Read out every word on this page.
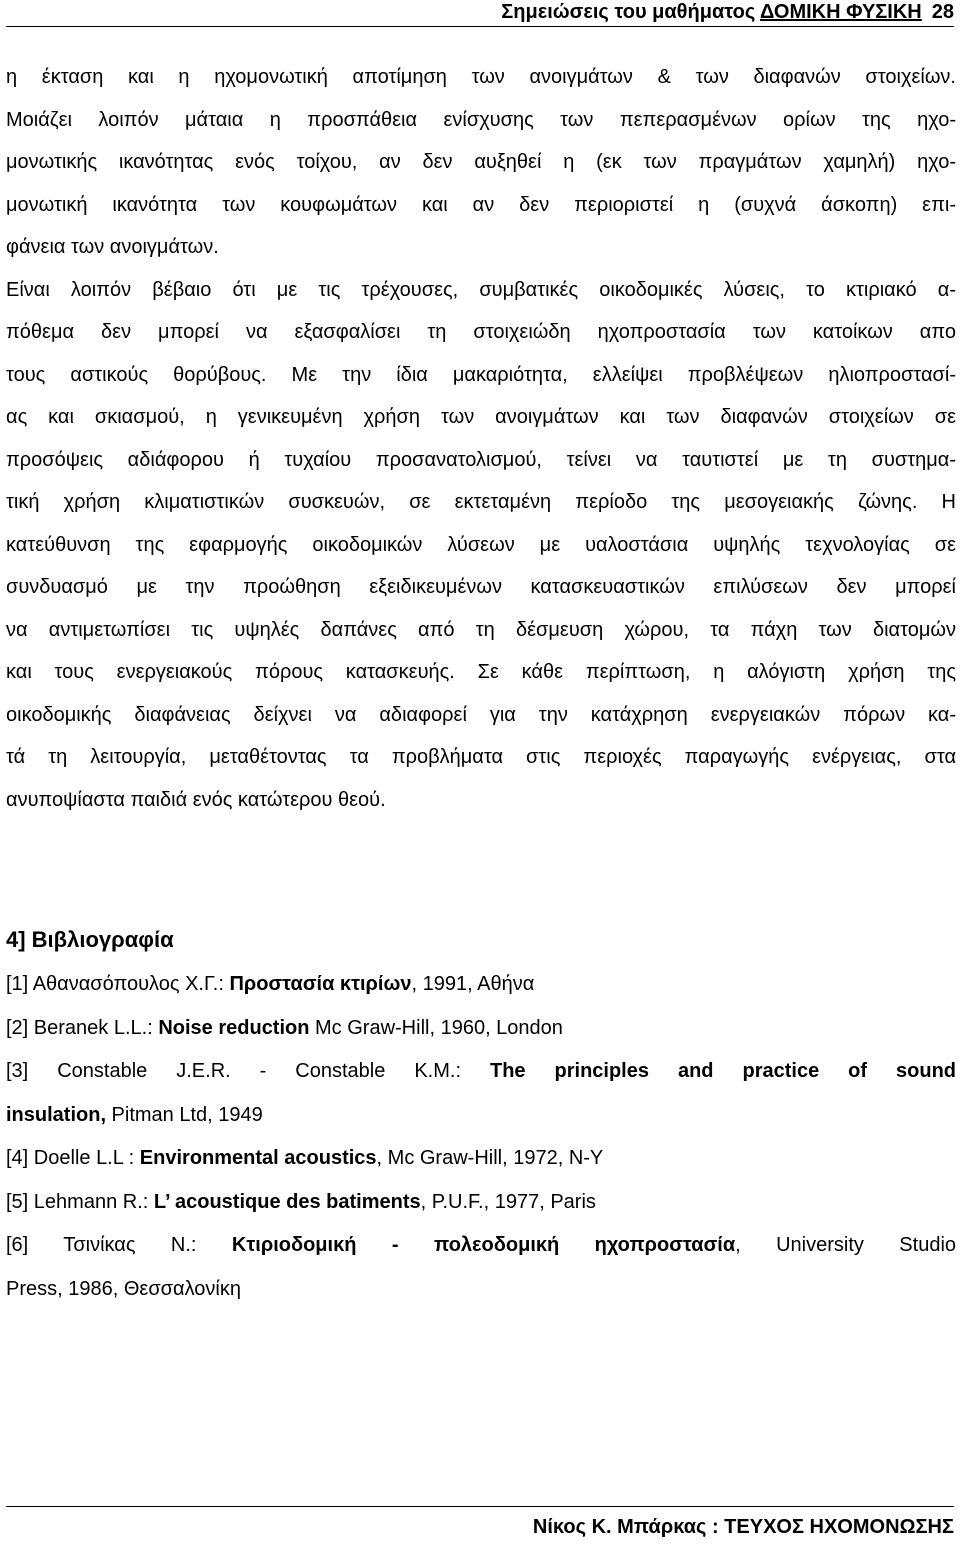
Σημειώσεις του μαθήματος ΔΟΜΙΚΗ ΦΥΣΙΚΗ 28
η έκταση και η ηχομονωτική αποτίμηση των ανοιγμάτων & των διαφανών στοιχείων.
Μοιάζει λοιπόν μάταια η προσπάθεια ενίσχυσης των πεπερασμένων ορίων της ηχο-
μονωτικής ικανότητας ενός τοίχου, αν δεν αυξηθεί η (εκ των πραγμάτων χαμηλή) ηχο-
μονωτική ικανότητα των κουφωμάτων και αν δεν περιοριστεί η (συχνά άσκοπη) επι-
φάνεια των ανοιγμάτων.
Είναι λοιπόν βέβαιο ότι με τις τρέχουσες, συμβατικές οικοδομικές λύσεις, το κτιριακό α-
πόθεμα δεν μπορεί να εξασφαλίσει τη στοιχειώδη ηχοπροστασία των κατοίκων απο
τους αστικούς θορύβους. Με την ίδια μακαριότητα, ελλείψει προβλέψεων ηλιοπροστασί-
ας και σκιασμού, η γενικευμένη χρήση των ανοιγμάτων και των διαφανών στοιχείων σε
προσόψεις αδιάφορου ή τυχαίου προσανατολισμού, τείνει να ταυτιστεί με τη συστημα-
τική χρήση κλιματιστικών συσκευών, σε εκτεταμένη περίοδο της μεσογειακής ζώνης. Η
κατεύθυνση της εφαρμογής οικοδομικών λύσεων με υαλοστάσια υψηλής τεχνολογίας σε
συνδυασμό με την προώθηση εξειδικευμένων κατασκευαστικών επιλύσεων δεν μπορεί
να αντιμετωπίσει τις υψηλές δαπάνες από τη δέσμευση χώρου, τα πάχη των διατομών
και τους ενεργειακούς πόρους κατασκευής. Σε κάθε περίπτωση, η αλόγιστη χρήση της
οικοδομικής διαφάνειας δείχνει να αδιαφορεί για την κατάχρηση ενεργειακών πόρων κα-
τά τη λειτουργία, μεταθέτοντας τα προβλήματα στις περιοχές παραγωγής ενέργειας, στα
ανυποψίαστα παιδιά ενός κατώτερου θεού.
4] Βιβλιογραφία
[1] Αθανασόπουλος Χ.Γ.: Προστασία κτιρίων, 1991, Αθήνα
[2] Beranek L.L.: Noise reduction Mc Graw-Hill, 1960, London
[3] Constable J.E.R. - Constable K.M.: The principles and practice of sound
insulation, Pitman Ltd, 1949
[4] Doelle L.L : Environmental acoustics, Mc Graw-Hill, 1972, N-Y
[5] Lehmann R.: L’ acoustique des batiments, P.U.F., 1977, Paris
[6] Τσινίκας Ν.: Κτιριοδομική - πολεοδομική ηχοπροστασία, University Studio
Press, 1986, Θεσσαλονίκη
Νίκος Κ. Μπάρκας : ΤΕΥΧΟΣ ΗΧΟΜΟΝΩΣΗΣ
